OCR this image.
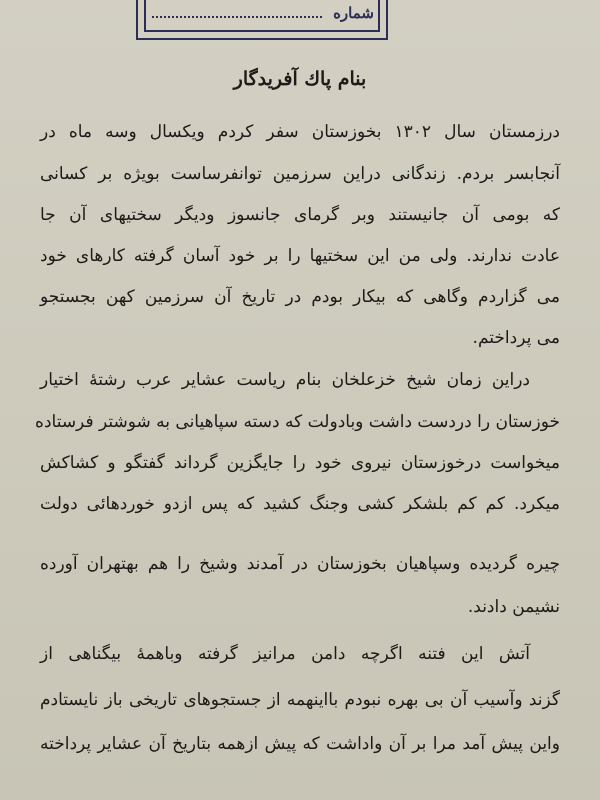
شماره
بنام پاك آفريدگار
درزمستان سال ۱۳۰۲ بخوزستان سفر کردم ویکسال وسه ماه در
آنجابسر بردم. زندگانی دراین سرزمین توانفرساست بویژه بر کسانی
که بومی آن جانیستند وبر گرمای جانسوز ودیگر سختیهای آن جا
عادت ندارند. ولی من این سختیها را بر خود آسان گرفته کارهای خود
می گزاردم وگاهی که بیکار بودم در تاریخ آن سرزمین کهن بجستجو
می پرداختم.
دراین زمان شیخ خزعلخان بنام ریاست عشایر عرب رشتهٔ اختیار
خوزستان را دردست داشت وبادولت که دسته سپاهیانی به شوشتر فرستاده
میخواست درخوزستان نیروی خود را جایگزین گرداند گفتگو و کشاکش
میکرد. کم کم بلشکر کشی وجنگ کشید که پس ازدو خوردهائی دولت
چیره گردیده وسپاهیان بخوزستان در آمدند وشیخ را هم بهتهران آورده
نشیمن دادند.
آتش این فتنه اگرچه دامن مرانیز گرفته وباهمهٔ بیگناهی از
گزند وآسیب آن بی بهره نبودم بااینهمه از جستجوهای تاریخی باز نایستادم
واین پیش آمد مرا بر آن واداشت که پیش ازهمه بتاریخ آن عشایر پرداخته
